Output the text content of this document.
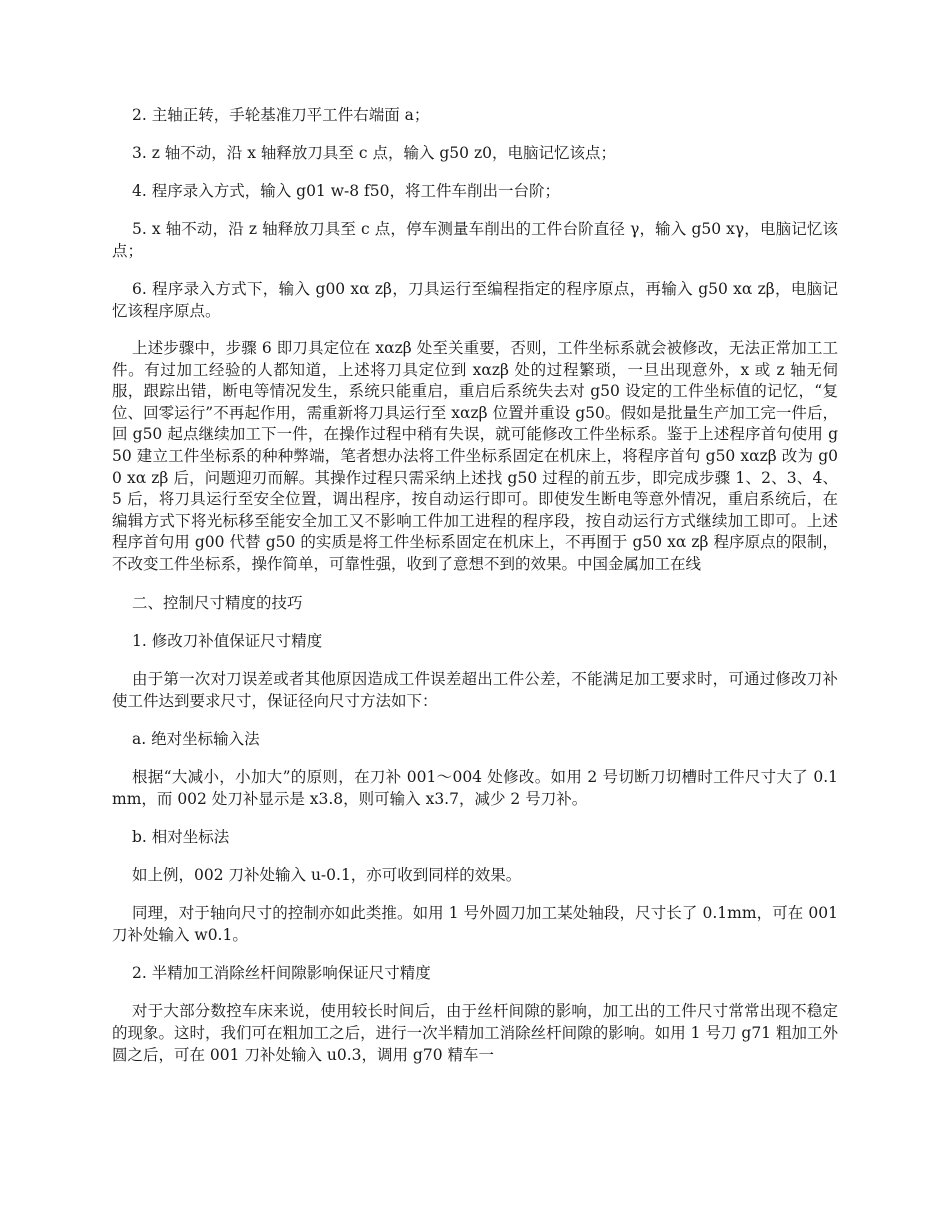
2. 主轴正转，手轮基准刀平工件右端面 a；

3. z 轴不动，沿 x 轴释放刀具至 c 点，输入 g50 z0，电脑记忆该点；

4. 程序录入方式，输入 g01 w-8 f50，将工件车削出一台阶；

5. x 轴不动，沿 z 轴释放刀具至 c 点，停车测量车削出的工件台阶直径 γ，输入 g50 xγ，电脑记忆该点；

6. 程序录入方式下，输入 g00 xα zβ，刀具运行至编程指定的程序原点，再输入 g50 xα zβ，电脑记忆该程序原点。

上述步骤中，步骤 6 即刀具定位在 xαzβ 处至关重要，否则，工件坐标系就会被修改，无法正常加工工件。有过加工经验的人都知道，上述将刀具定位到 xαzβ 处的过程繁琐，一旦出现意外，x 或 z 轴无伺服，跟踪出错，断电等情况发生，系统只能重启，重启后系统失去对 g50 设定的工件坐标值的记忆，“复位、回零运行”不再起作用，需重新将刀具运行至 xαzβ 位置并重设 g50。假如是批量生产加工完一件后，回 g50 起点继续加工下一件，在操作过程中稍有失误，就可能修改工件坐标系。鉴于上述程序首句使用 g50 建立工件坐标系的种种弊端，笔者想办法将工件坐标系固定在机床上，将程序首句 g50 xαzβ 改为 g00 xα zβ 后，问题迎刃而解。其操作过程只需采纳上述找 g50 过程的前五步，即完成步骤 1、2、3、4、5 后，将刀具运行至安全位置，调出程序，按自动运行即可。即使发生断电等意外情况，重启系统后，在编辑方式下将光标移至能安全加工又不影响工件加工进程的程序段，按自动运行方式继续加工即可。上述程序首句用 g00 代替 g50 的实质是将工件坐标系固定在机床上，不再囿于 g50 xα zβ 程序原点的限制，不改变工件坐标系，操作简单，可靠性强，收到了意想不到的效果。中国金属加工在线

二、控制尺寸精度的技巧

1. 修改刀补值保证尺寸精度

由于第一次对刀误差或者其他原因造成工件误差超出工件公差，不能满足加工要求时，可通过修改刀补使工件达到要求尺寸，保证径向尺寸方法如下：

a. 绝对坐标输入法

根据“大减小，小加大”的原则，在刀补 001～004 处修改。如用 2 号切断刀切槽时工件尺寸大了 0.1mm，而 002 处刀补显示是 x3.8，则可输入 x3.7，减少 2 号刀补。

b. 相对坐标法

如上例，002 刀补处输入 u-0.1，亦可收到同样的效果。

同理，对于轴向尺寸的控制亦如此类推。如用 1 号外圆刀加工某处轴段，尺寸长了 0.1mm，可在 001 刀补处输入 w0.1。

2. 半精加工消除丝杆间隙影响保证尺寸精度

对于大部分数控车床来说，使用较长时间后，由于丝杆间隙的影响，加工出的工件尺寸常常出现不稳定的现象。这时，我们可在粗加工之后，进行一次半精加工消除丝杆间隙的影响。如用 1 号刀 g71 粗加工外圆之后，可在 001 刀补处输入 u0.3，调用 g70 精车一
